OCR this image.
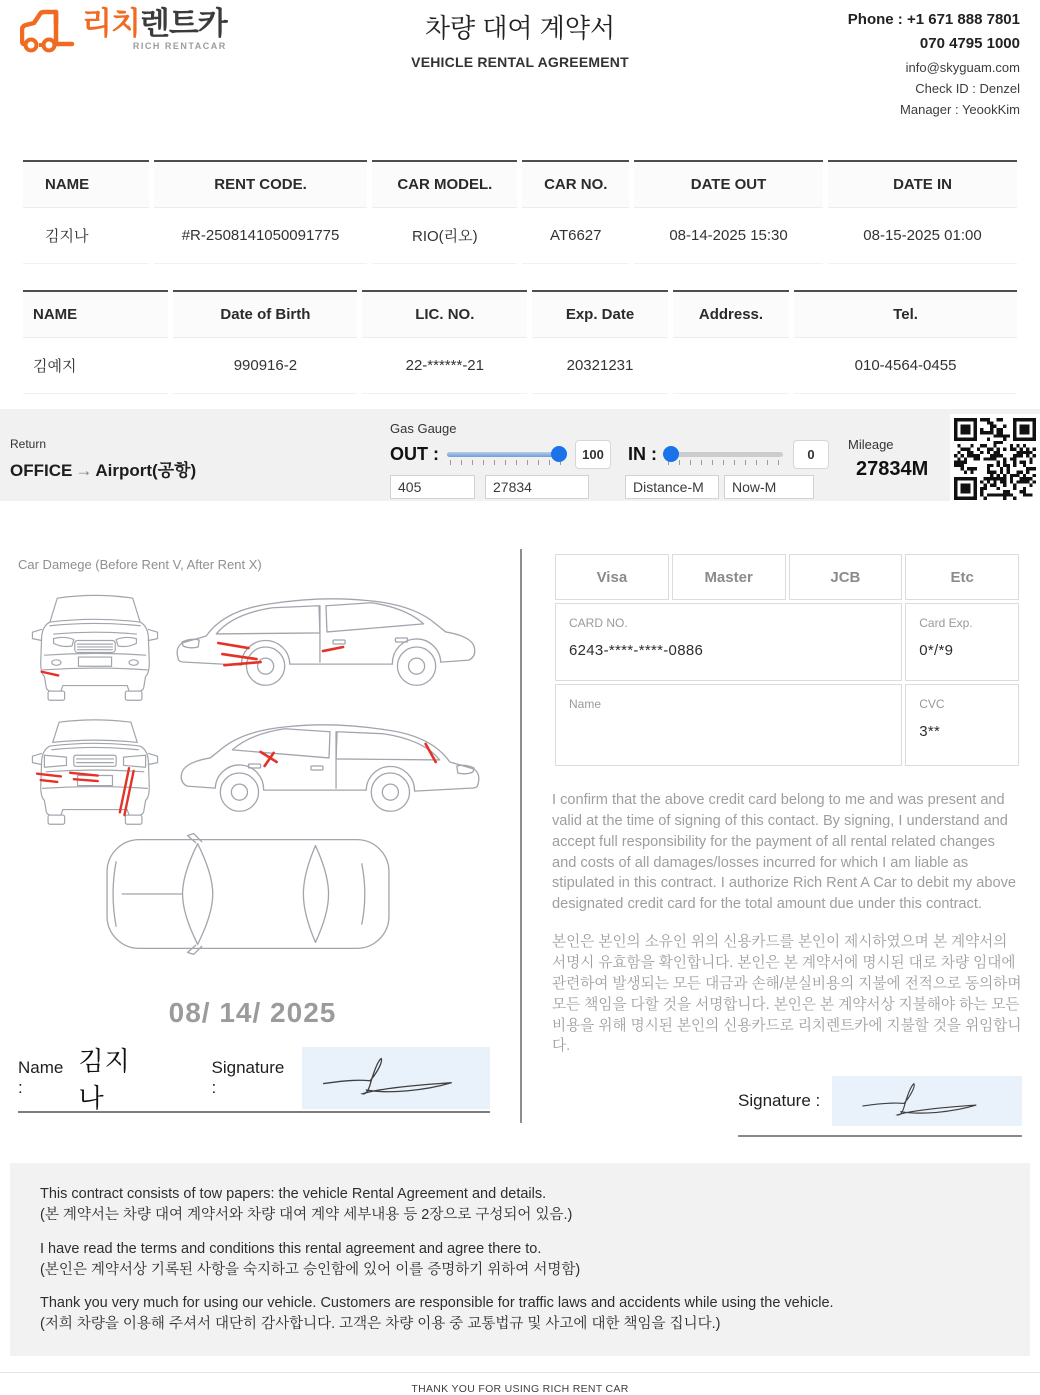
리치렌트카
RICH RENTACAR
차량 대여 계약서
VEHICLE RENTAL AGREEMENT
Phone : +1 671 888 7801
070 4795 1000
info@skyguam.com
Check ID : Denzel
Manager : YeookKim
NAME	RENT CODE.	CAR MODEL.	CAR NO.	DATE OUT	DATE IN
김지나	#R-2508141050091775	RIO(리오)	AT6627	08-14-2025 15:30	08-15-2025 01:00
NAME	Date of Birth	LIC. NO.	Exp. Date	Address.	Tel.
김예지	990916-2	22-******-21	20321231		010-4564-0455
Return
OFFICE → Airport(공항)
Gas Gauge
OUT :	100	IN :	0
405
27834
Distance-M
Now-M
Mileage
27834M
Car Damege (Before Rent V, After Rent X)
08/ 14/ 2025
Name :
김지나
Signature :
Visa	Master	JCB	Etc

CARD NO.
6243-****-****-0886

Card Exp.
0*/*9

Name			CVC
3**
I confirm that the above credit card belong to me and was present and valid at the time of signing of this contact. By signing, I understand and accept full responsibility for the payment of all rental related changes and costs of all damages/losses incurred for which I am liable as stipulated in this contract. I authorize Rich Rent A Car to debit my above designated credit card for the total amount due under this contract.
본인은 본인의 소유인 위의 신용카드를 본인이 제시하였으며 본 계약서의 서명시 유효함을 확인합니다. 본인은 본 계약서에 명시된 대로 차량 임대에 관련하여 발생되는 모든 대금과 손해/분실비용의 지불에 전적으로 동의하며 모든 책임을 다할 것을 서명합니다. 본인은 본 계약서상 지불해야 하는 모든 비용을 위해 명시된 본인의 신용카드로 리치렌트카에 지불할 것을 위임합니다.
Signature :

This contract consists of tow papers: the vehicle Rental Agreement and details.

(본 계약서는 차량 대여 계약서와 차량 대여 계약 세부내용 등 2장으로 구성되어 있음.)

I have read the terms and conditions this rental agreement and agree there to.

(본인은 계약서상 기록된 사항을 숙지하고 승인함에 있어 이를 증명하기 위하여 서명함)

Thank you very much for using our vehicle. Customers are responsible for traffic laws and accidents while using the vehicle.

(저희 차량을 이용해 주셔서 대단히 감사합니다. 고객은 차량 이용 중 교통법규 및 사고에 대한 책임을 집니다.)

THANK YOU FOR USING RICH RENT CAR
